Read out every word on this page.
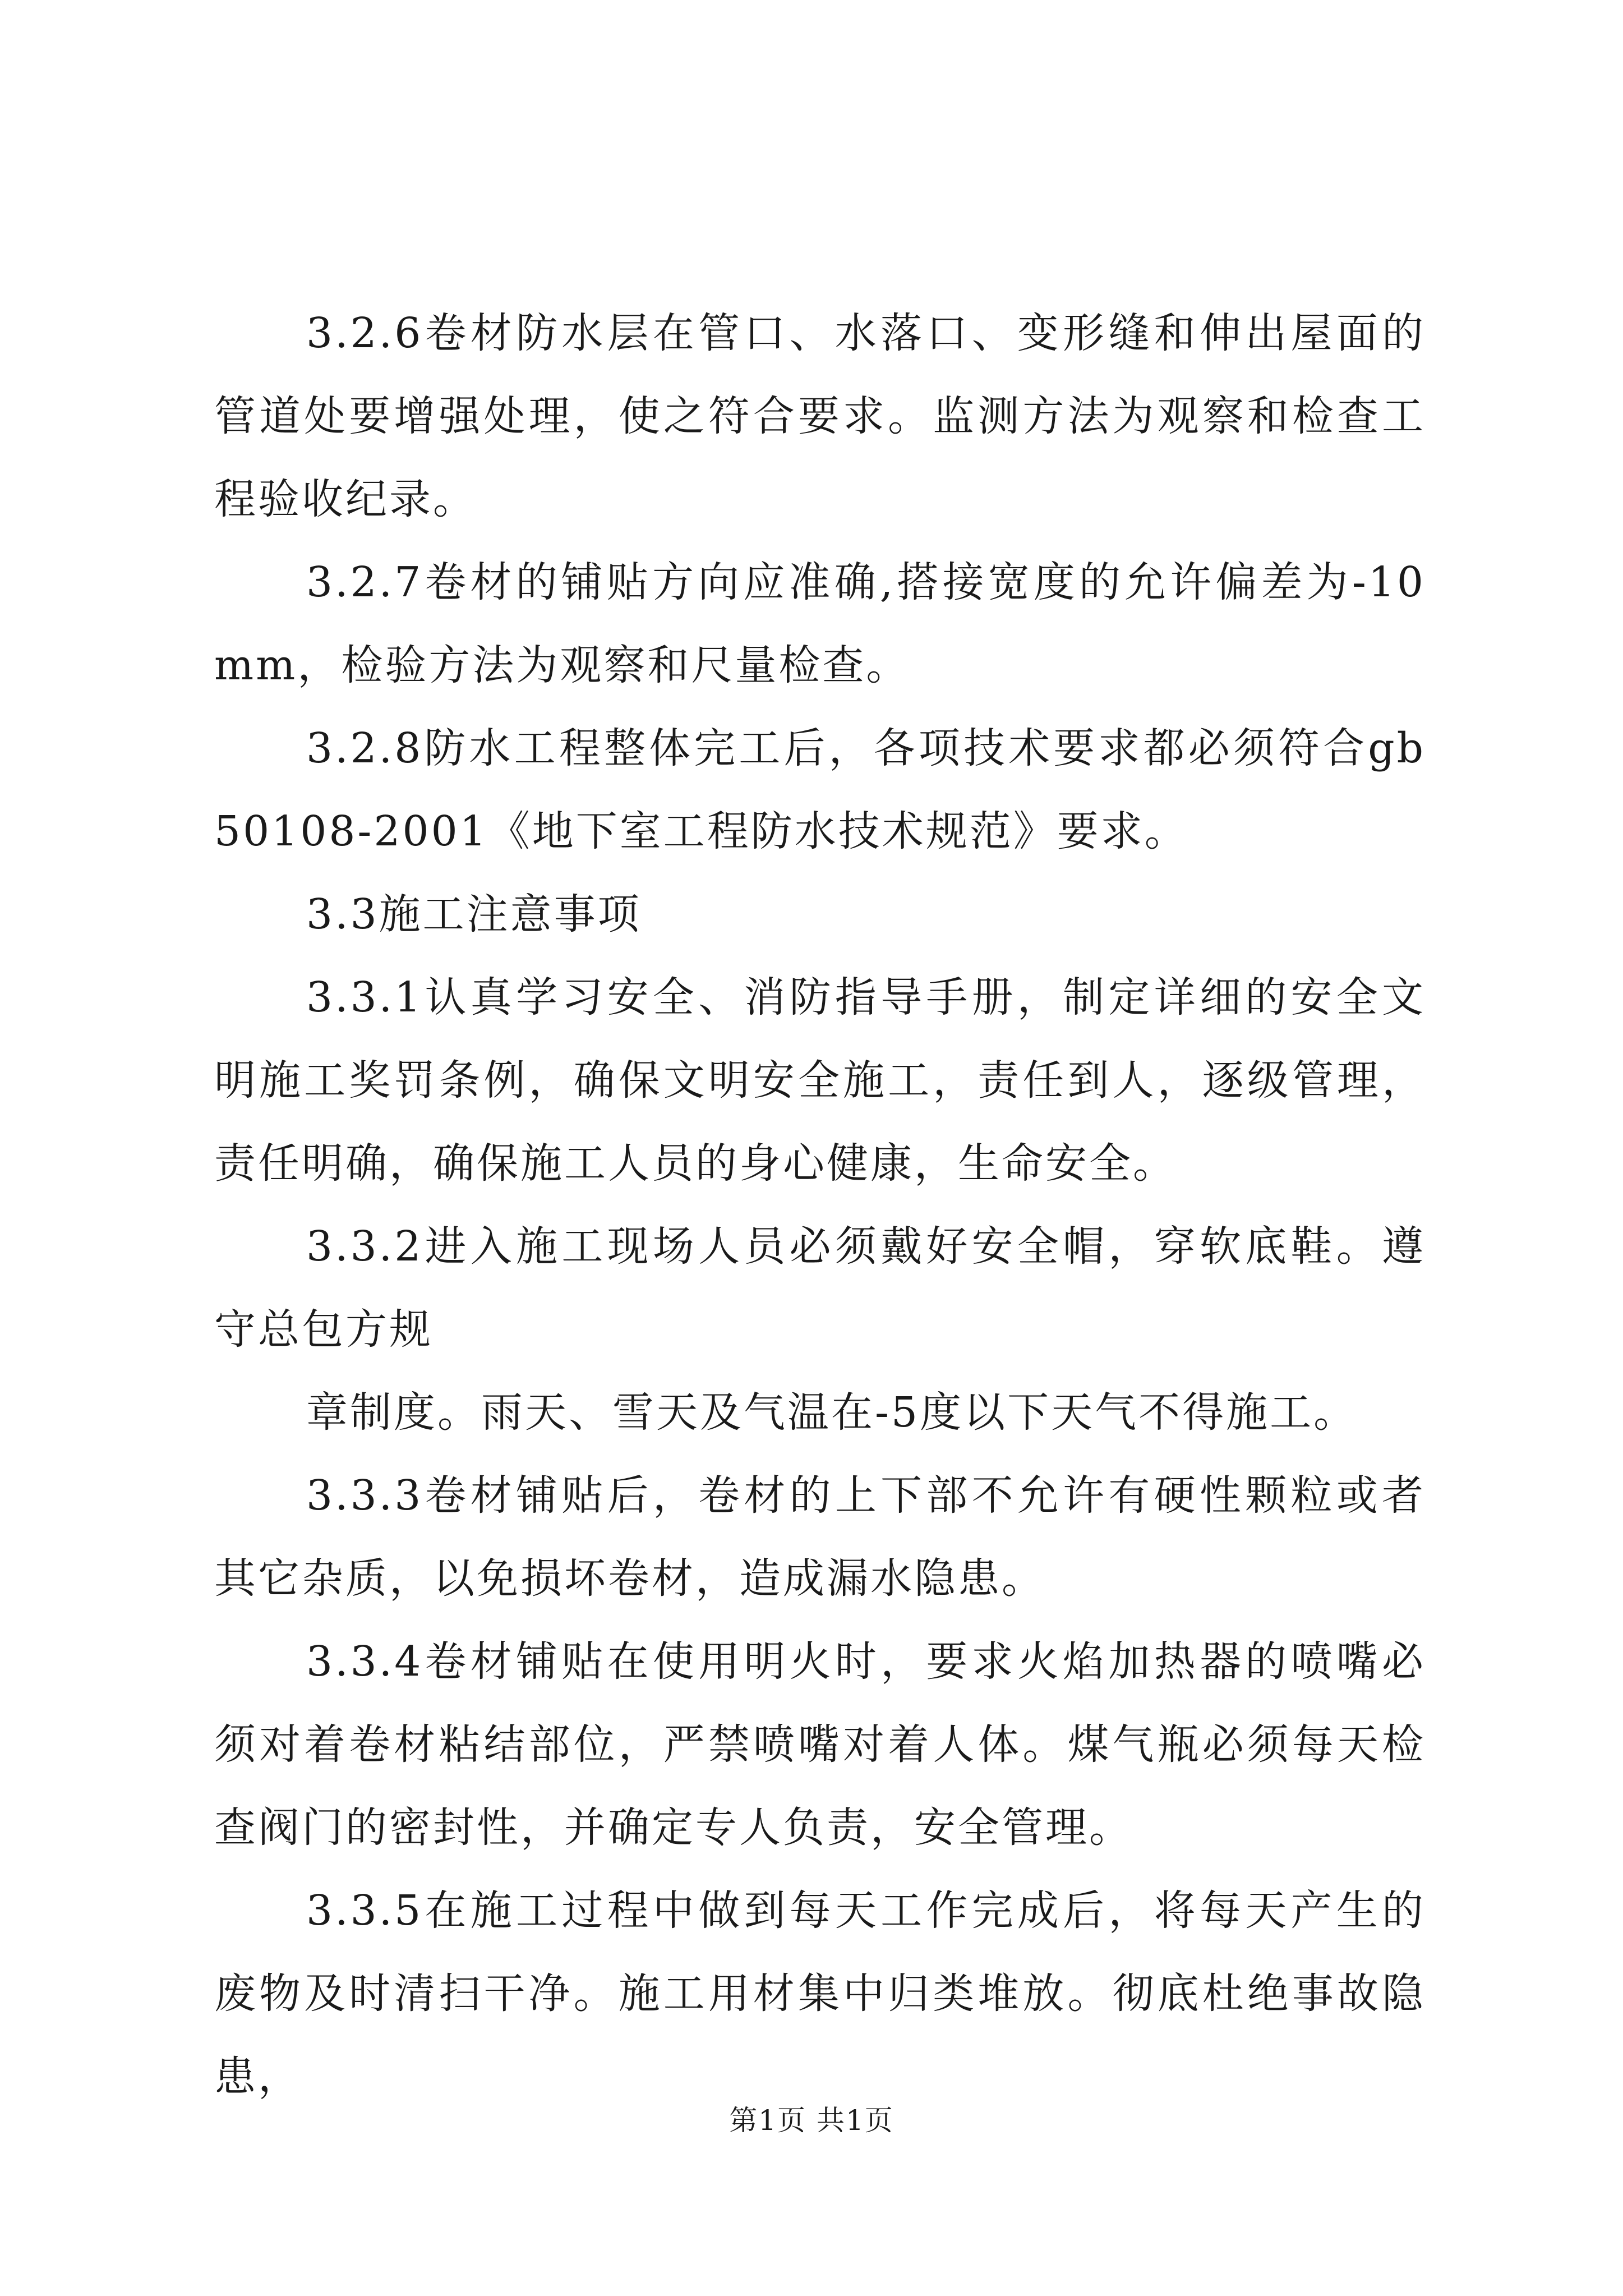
3.2.6卷材防水层在管口、水落口、变形缝和伸出屋面的管道处要增强处理，使之符合要求。监测方法为观察和检查工程验收纪录。

3.2.7卷材的铺贴方向应准确,搭接宽度的允许偏差为-10mm，检验方法为观察和尺量检查。

3.2.8防水工程整体完工后，各项技术要求都必须符合gb50108-2001《地下室工程防水技术规范》要求。

3.3施工注意事项

3.3.1认真学习安全、消防指导手册，制定详细的安全文明施工奖罚条例，确保文明安全施工，责任到人，逐级管理，责任明确，确保施工人员的身心健康，生命安全。

3.3.2进入施工现场人员必须戴好安全帽，穿软底鞋。遵守总包方规

章制度。雨天、雪天及气温在-5度以下天气不得施工。

3.3.3卷材铺贴后，卷材的上下部不允许有硬性颗粒或者其它杂质，以免损坏卷材，造成漏水隐患。

3.3.4卷材铺贴在使用明火时，要求火焰加热器的喷嘴必须对着卷材粘结部位，严禁喷嘴对着人体。煤气瓶必须每天检查阀门的密封性，并确定专人负责，安全管理。

3.3.5在施工过程中做到每天工作完成后，将每天产生的废物及时清扫干净。施工用材集中归类堆放。彻底杜绝事故隐患，

第1页 共1页
